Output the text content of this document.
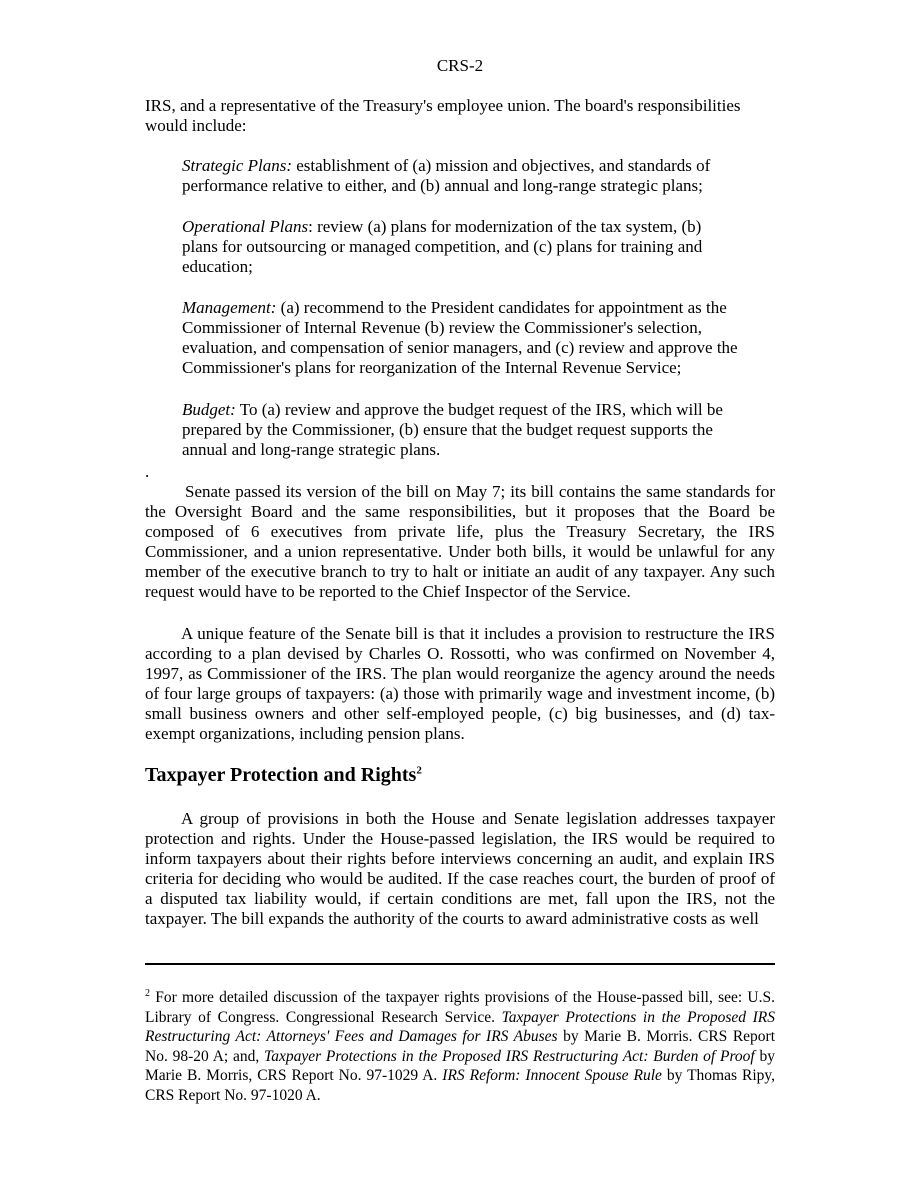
CRS-2

IRS, and a representative of the Treasury's employee union. The board's responsibilities would include:

Strategic Plans: establishment of (a) mission and objectives, and standards of performance relative to either, and (b) annual and long-range strategic plans;

Operational Plans: review (a) plans for modernization of the tax system, (b) plans for outsourcing or managed competition, and (c) plans for training and education;

Management: (a) recommend to the President candidates for appointment as the Commissioner of Internal Revenue (b) review the Commissioner's selection, evaluation, and compensation of senior managers, and (c) review and approve the Commissioner's plans for reorganization of the Internal Revenue Service;

Budget: To (a) review and approve the budget request of the IRS, which will be prepared by the Commissioner, (b) ensure that the budget request supports the annual and long-range strategic plans.

.

Senate passed its version of the bill on May 7; its bill contains the same standards for the Oversight Board and the same responsibilities, but it proposes that the Board be composed of 6 executives from private life, plus the Treasury Secretary, the IRS Commissioner, and a union representative. Under both bills, it would be unlawful for any member of the executive branch to try to halt or initiate an audit of any taxpayer. Any such request would have to be reported to the Chief Inspector of the Service.

A unique feature of the Senate bill is that it includes a provision to restructure the IRS according to a plan devised by Charles O. Rossotti, who was confirmed on November 4, 1997, as Commissioner of the IRS. The plan would reorganize the agency around the needs of four large groups of taxpayers: (a) those with primarily wage and investment income, (b) small business owners and other self-employed people, (c) big businesses, and (d) tax-exempt organizations, including pension plans.

Taxpayer Protection and Rights$^2$

A group of provisions in both the House and Senate legislation addresses taxpayer protection and rights. Under the House-passed legislation, the IRS would be required to inform taxpayers about their rights before interviews concerning an audit, and explain IRS criteria for deciding who would be audited. If the case reaches court, the burden of proof of a disputed tax liability would, if certain conditions are met, fall upon the IRS, not the taxpayer. The bill expands the authority of the courts to award administrative costs as well

$^2$ For more detailed discussion of the taxpayer rights provisions of the House-passed bill, see: U.S. Library of Congress. Congressional Research Service. Taxpayer Protections in the Proposed IRS Restructuring Act: Attorneys' Fees and Damages for IRS Abuses by Marie B. Morris. CRS Report No. 98-20 A; and, Taxpayer Protections in the Proposed IRS Restructuring Act: Burden of Proof by Marie B. Morris, CRS Report No. 97-1029 A. IRS Reform: Innocent Spouse Rule by Thomas Ripy, CRS Report No. 97-1020 A.
